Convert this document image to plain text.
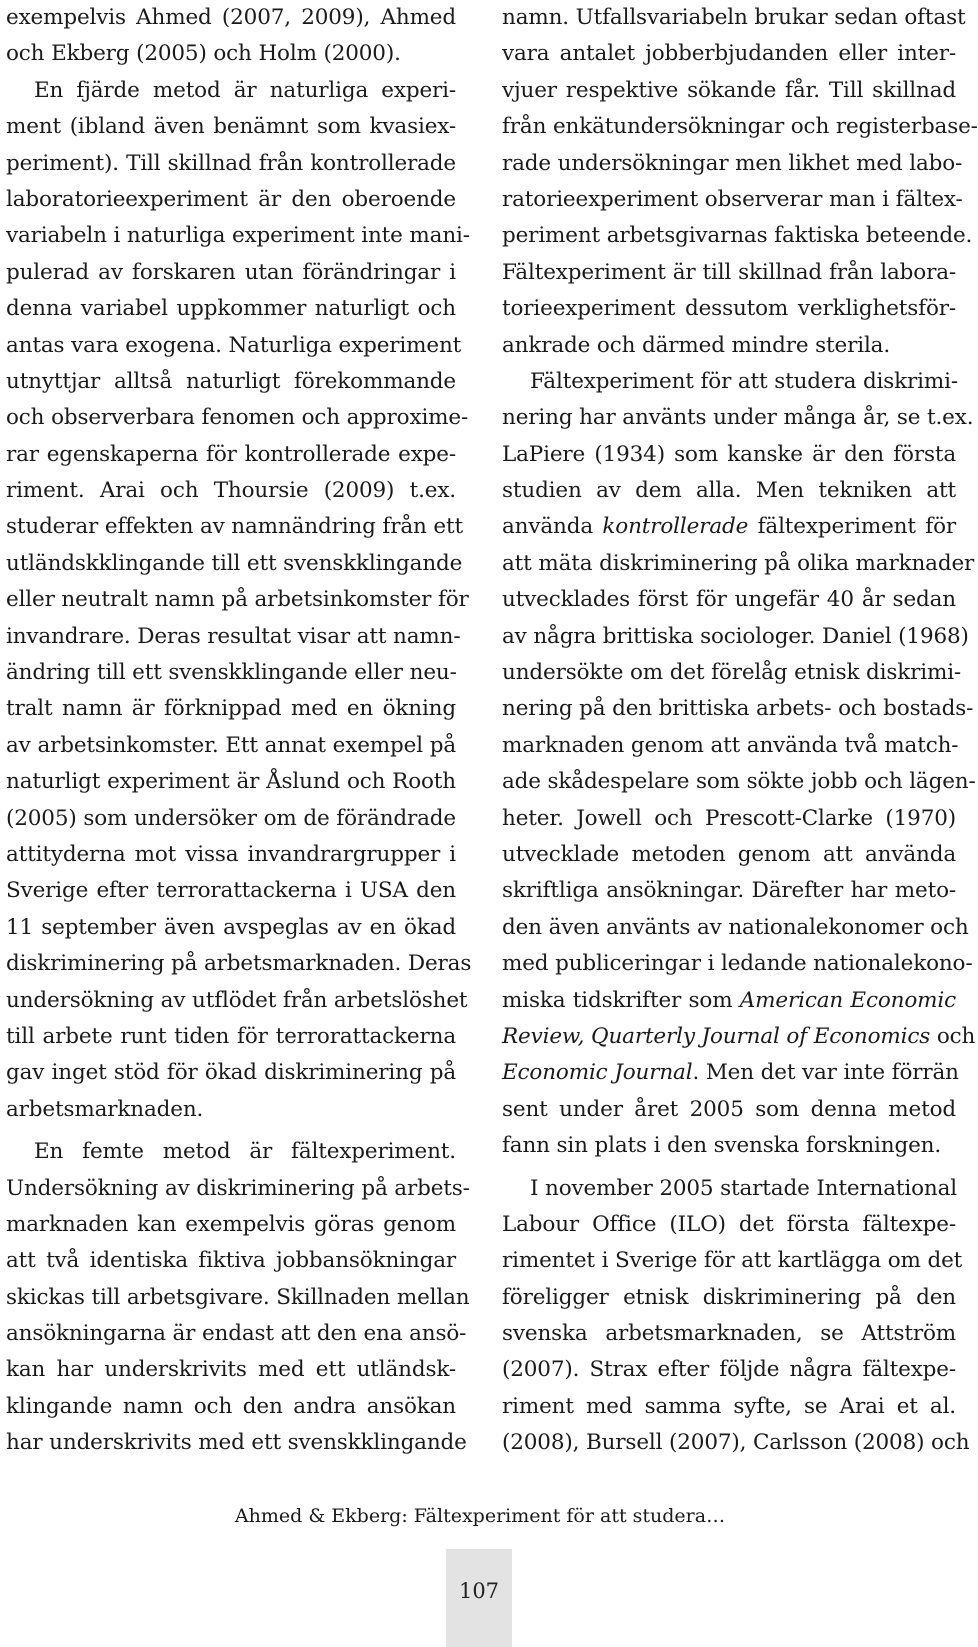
exempelvis Ahmed (2007, 2009), Ahmed
och Ekberg (2005) och Holm (2000).
En fjärde metod är naturliga experi-
ment (ibland även benämnt som kvasiex-
periment). Till skillnad från kontrollerade
laboratorieexperiment är den oberoende
variabeln i naturliga experiment inte mani-
pulerad av forskaren utan förändringar i
denna variabel uppkommer naturligt och
antas vara exogena. Naturliga experiment
utnyttjar alltså naturligt förekommande
och observerbara fenomen och approxime-
rar egenskaperna för kontrollerade expe-
riment. Arai och Thoursie (2009) t.ex.
studerar effekten av namnändring från ett
utländskklingande till ett svenskklingande
eller neutralt namn på arbetsinkomster för
invandrare. Deras resultat visar att namn-
ändring till ett svenskklingande eller neu-
tralt namn är förknippad med en ökning
av arbetsinkomster. Ett annat exempel på
naturligt experiment är Åslund och Rooth
(2005) som undersöker om de förändrade
attityderna mot vissa invandrargrupper i
Sverige efter terrorattackerna i USA den
11 september även avspeglas av en ökad
diskriminering på arbetsmarknaden. Deras
undersökning av utflödet från arbetslöshet
till arbete runt tiden för terrorattackerna
gav inget stöd för ökad diskriminering på
arbetsmarknaden.
En femte metod är fältexperiment.
Undersökning av diskriminering på arbets-
marknaden kan exempelvis göras genom
att två identiska fiktiva jobbansökningar
skickas till arbetsgivare. Skillnaden mellan
ansökningarna är endast att den ena ansö-
kan har underskrivits med ett utländsk-
klingande namn och den andra ansökan
har underskrivits med ett svenskklingande
namn. Utfallsvariabeln brukar sedan oftast
vara antalet jobberbjudanden eller inter-
vjuer respektive sökande får. Till skillnad
från enkätundersökningar och registerbase-
rade undersökningar men likhet med labo-
ratorieexperiment observerar man i fältex-
periment arbetsgivarnas faktiska beteende.
Fältexperiment är till skillnad från labora-
torieexperiment dessutom verklighetsför-
ankrade och därmed mindre sterila.
Fältexperiment för att studera diskrimi-
nering har använts under många år, se t.ex.
LaPiere (1934) som kanske är den första
studien av dem alla. Men tekniken att
använda kontrollerade fältexperiment för
att mäta diskriminering på olika marknader
utvecklades först för ungefär 40 år sedan
av några brittiska sociologer. Daniel (1968)
undersökte om det förelåg etnisk diskrimi-
nering på den brittiska arbets- och bostads-
marknaden genom att använda två match-
ade skådespelare som sökte jobb och lägen-
heter. Jowell och Prescott-Clarke (1970)
utvecklade metoden genom att använda
skriftliga ansökningar. Därefter har meto-
den även använts av nationalekonomer och
med publiceringar i ledande nationalekono-
miska tidskrifter som American Economic
Review, Quarterly Journal of Economics och
Economic Journal. Men det var inte förrän
sent under året 2005 som denna metod
fann sin plats i den svenska forskningen.
I november 2005 startade International
Labour Office (ILO) det första fältexpe-
rimentet i Sverige för att kartlägga om det
föreligger etnisk diskriminering på den
svenska arbetsmarknaden, se Attström
(2007). Strax efter följde några fältexpe-
riment med samma syfte, se Arai et al.
(2008), Bursell (2007), Carlsson (2008) och
Ahmed & Ekberg: Fältexperiment för att studera…
107
